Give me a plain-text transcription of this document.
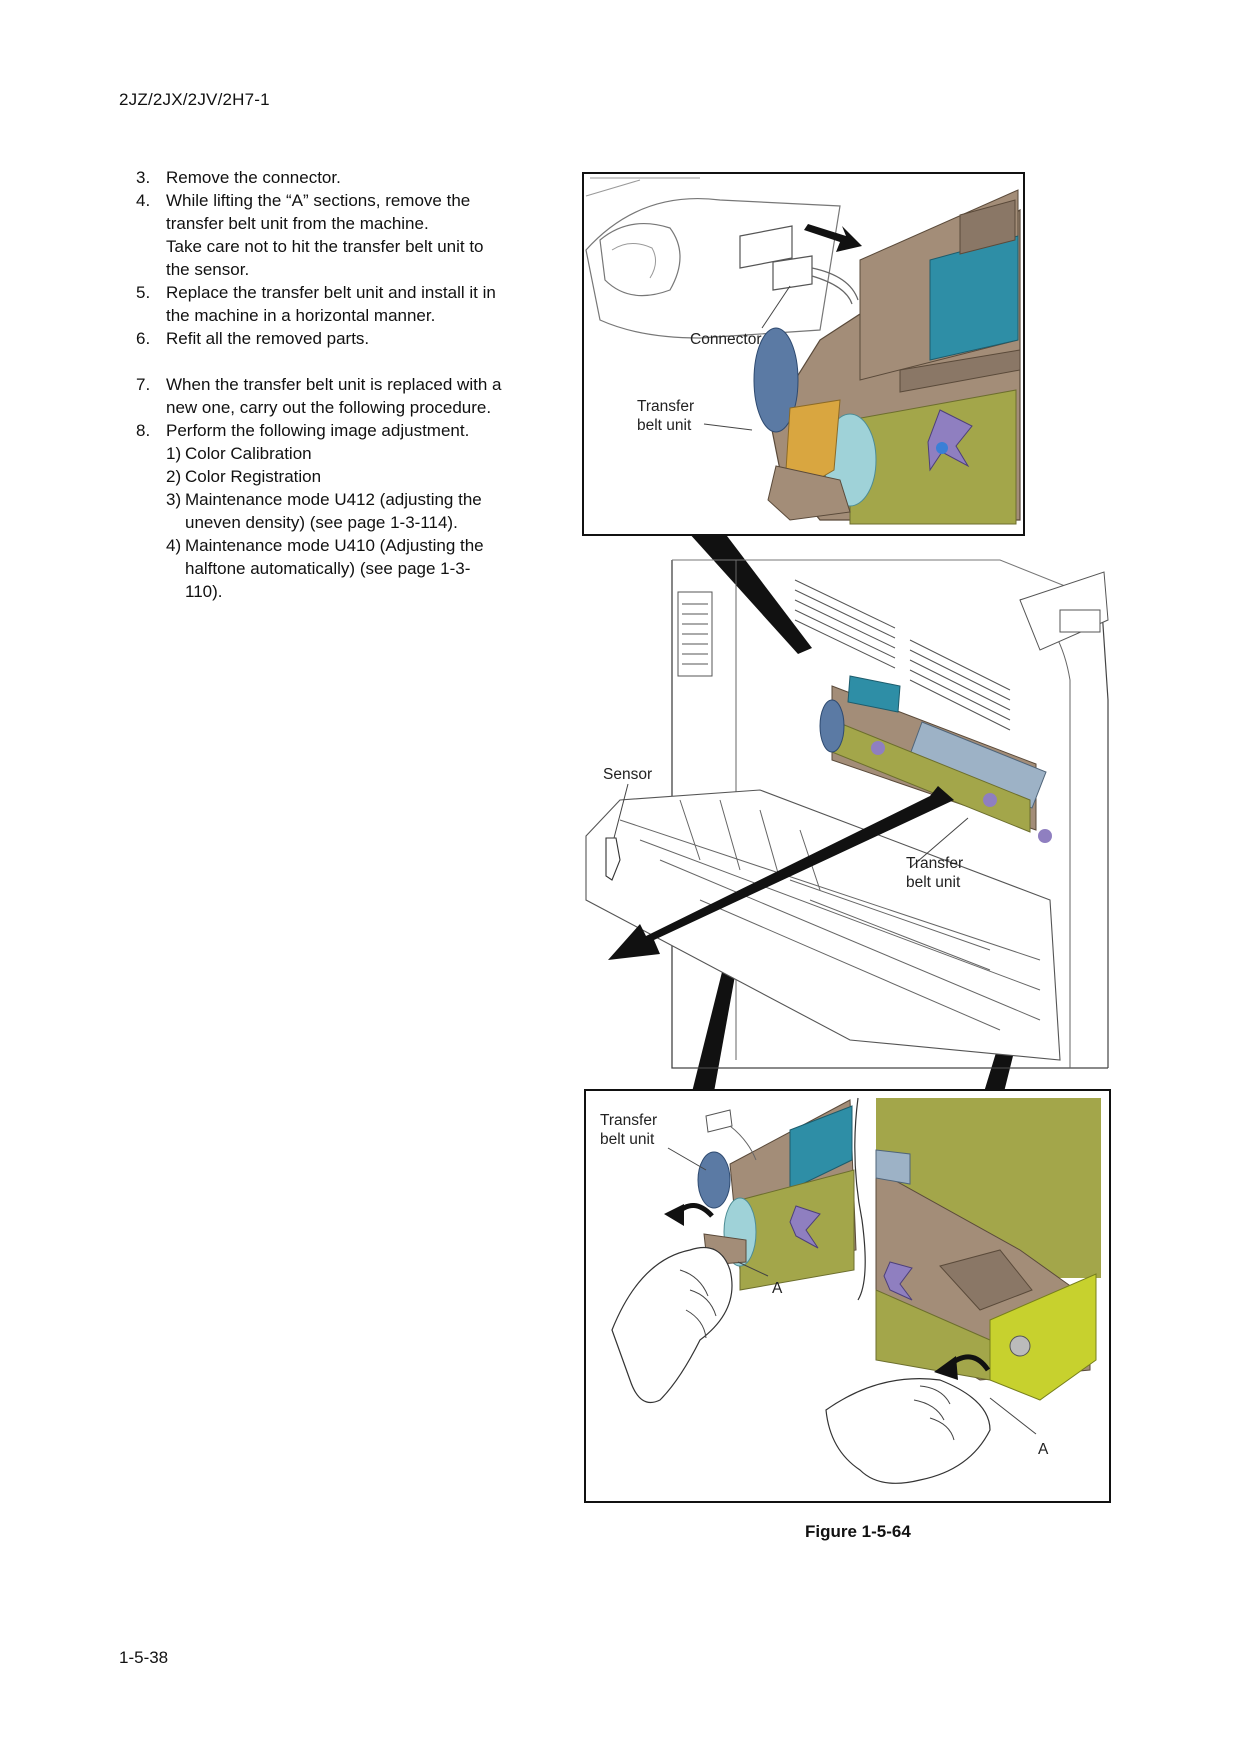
2JZ/2JX/2JV/2H7-1
3. Remove the connector.
4. While lifting the “A” sections, remove the
transfer belt unit from the machine.
Take care not to hit the transfer belt unit to
the sensor.
5. Replace the transfer belt unit and install it in
the machine in a horizontal manner.
6. Refit all the removed parts.
7. When the transfer belt unit is replaced with a
new one, carry out the following procedure.
8. Perform the following image adjustment.
1) Color Calibration
2) Color Registration
3) Maintenance mode U412 (adjusting the
uneven density) (see page 1-3-114).
4) Maintenance mode U410 (Adjusting the
halftone automatically) (see page 1-3-
110).
Connector
Transfer
belt unit
Sensor
Transfer
belt unit
Transfer
belt unit
A
A
Figure 1-5-64
1-5-38
